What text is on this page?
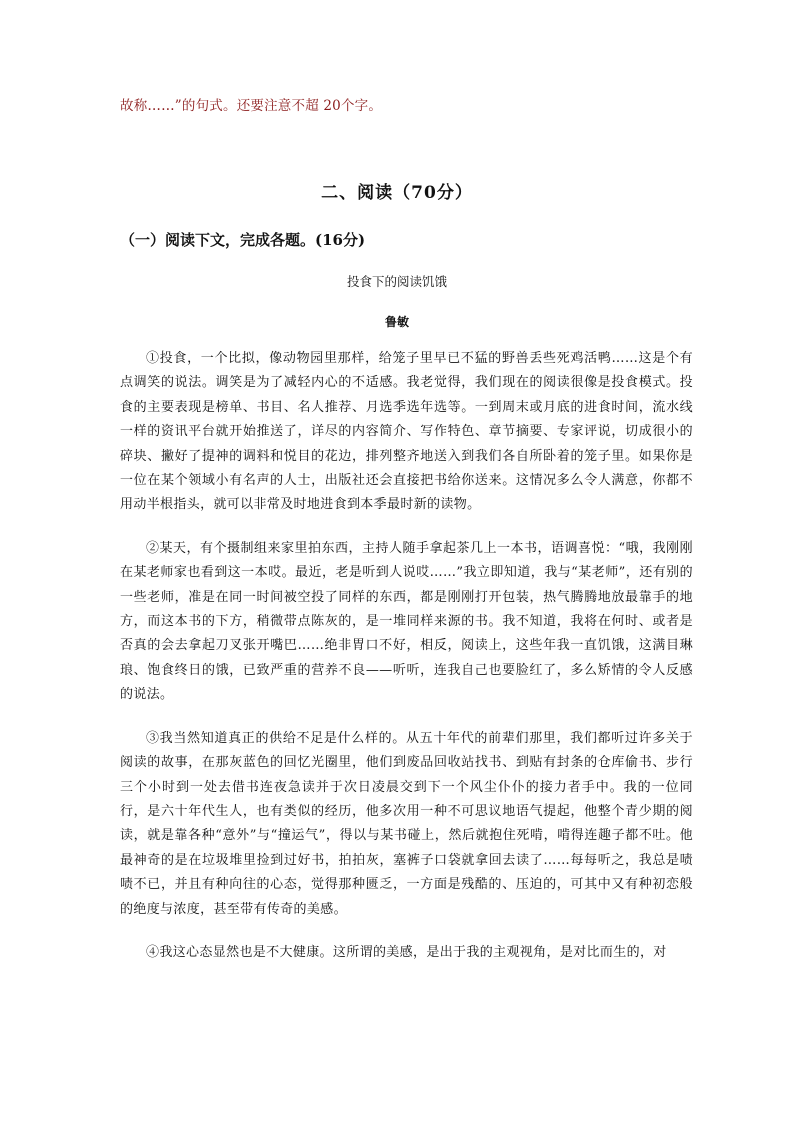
故称……”的句式。还要注意不超 20个字。
二、阅读（70分）
（一）阅读下文，完成各题。(16分)
投食下的阅读饥饿
鲁敏

①投食，一个比拟，像动物园里那样，给笼子里早已不猛的野兽丢些死鸡活鸭……这是个有点调笑的说法。调笑是为了减轻内心的不适感。我老觉得，我们现在的阅读很像是投食模式。投食的主要表现是榜单、书目、名人推荐、月选季选年选等。一到周末或月底的进食时间，流水线一样的资讯平台就开始推送了，详尽的内容简介、写作特色、章节摘要、专家评说，切成很小的碎块、撇好了提神的调料和悦目的花边，排列整齐地送入到我们各自所卧着的笼子里。如果你是一位在某个领域小有名声的人士，出版社还会直接把书给你送来。这情况多么令人满意，你都不用动半根指头，就可以非常及时地进食到本季最时新的读物。

②某天，有个摄制组来家里拍东西，主持人随手拿起茶几上一本书，语调喜悦：“哦，我刚刚在某老师家也看到这一本哎。最近，老是听到人说哎……”我立即知道，我与“某老师”，还有别的一些老师，准是在同一时间被空投了同样的东西，都是刚刚打开包装，热气腾腾地放最靠手的地方，而这本书的下方，稍微带点陈灰的，是一堆同样来源的书。我不知道，我将在何时、或者是否真的会去拿起刀叉张开嘴巴……绝非胃口不好，相反，阅读上，这些年我一直饥饿，这满目琳琅、饱食终日的饿，已致严重的营养不良——听听，连我自己也要脸红了，多么矫情的令人反感的说法。

③我当然知道真正的供给不足是什么样的。从五十年代的前辈们那里，我们都听过许多关于阅读的故事，在那灰蓝色的回忆光圈里，他们到废品回收站找书、到贴有封条的仓库偷书、步行三个小时到一处去借书连夜急读并于次日凌晨交到下一个风尘仆仆的接力者手中。我的一位同行，是六十年代生人，也有类似的经历，他多次用一种不可思议地语气提起，他整个青少期的阅读，就是靠各种“意外”与“撞运气”，得以与某书碰上，然后就抱住死啃，啃得连趣子都不吐。他最神奇的是在垃圾堆里捡到过好书，拍拍灰，塞裤子口袋就拿回去读了……每每听之，我总是啧啧不已，并且有种向往的心态，觉得那种匮乏，一方面是残酷的、压迫的，可其中又有种初恋般的绝度与浓度，甚至带有传奇的美感。

④我这心态显然也是不大健康。这所谓的美感，是出于我的主观视角，是对比而生的，对
